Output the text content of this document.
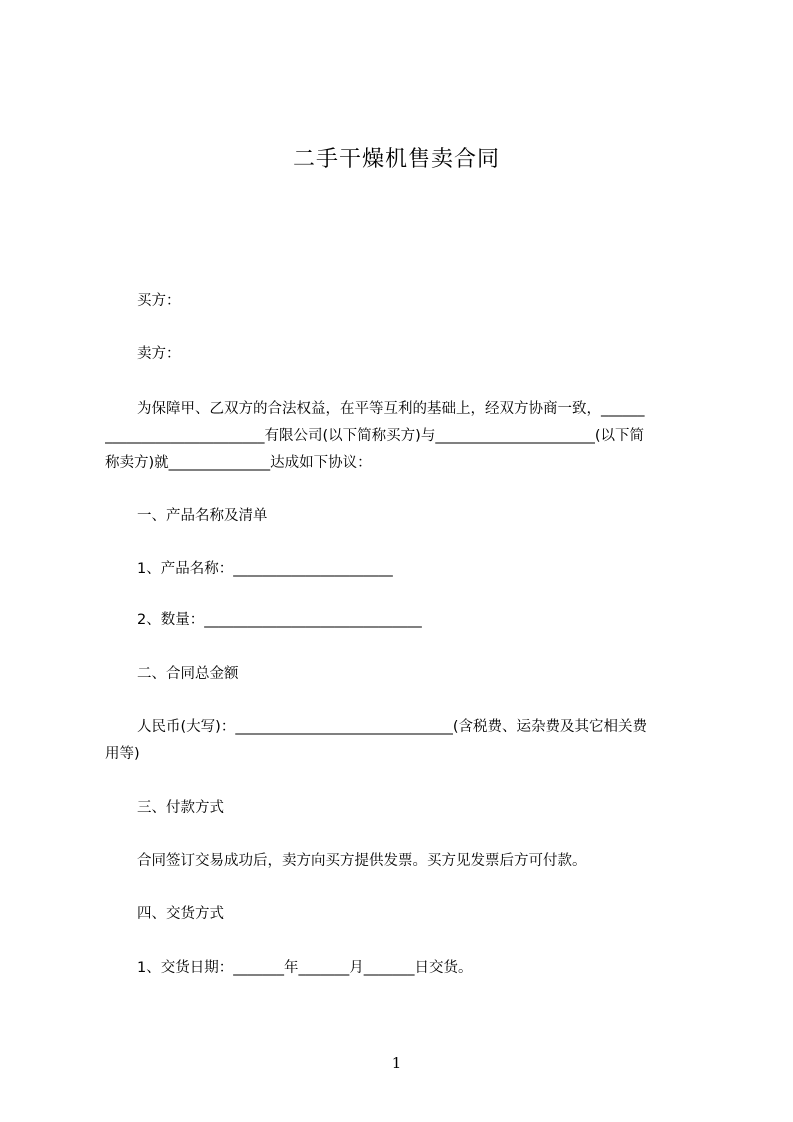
二手干燥机售卖合同
买方：
卖方：
为保障甲、乙双方的合法权益，在平等互利的基础上，经双方协商一致，______
______________________有限公司(以下简称买方)与______________________(以下简
称卖方)就______________达成如下协议：
一、产品名称及清单
1、产品名称：______________________
2、数量：______________________________
二、合同总金额
人民币(大写)：______________________________(含税费、运杂费及其它相关费
用等)
三、付款方式
合同签订交易成功后，卖方向买方提供发票。买方见发票后方可付款。
四、交货方式
1、交货日期：_______年_______月_______日交货。
1
